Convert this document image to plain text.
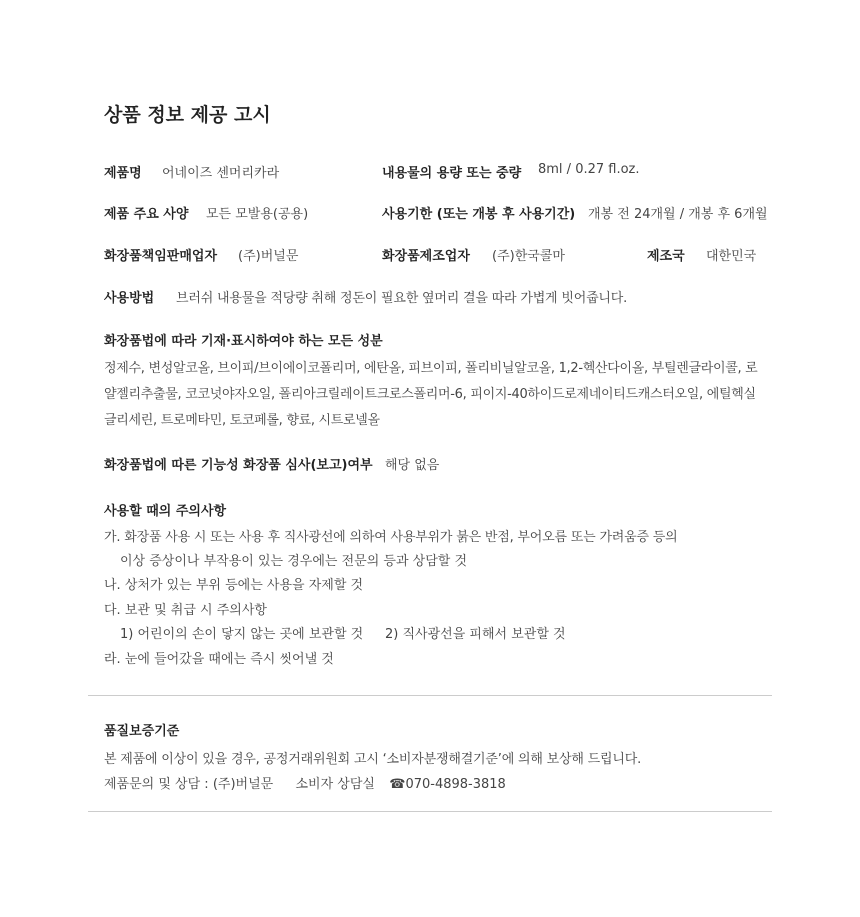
상품 정보 제공 고시
제품명 어네이즈 센머리카라	내용물의 용량 또는 중량 8ml / 0.27 fl.oz.
제품 주요 사양 모든 모발용(공용)	사용기한 (또는 개봉 후 사용기간) 개봉 전 24개월 / 개봉 후 6개월
화장품책임판매업자 (주)버널문	화장품제조업자 (주)한국콜마	제조국 대한민국
사용방법 브러쉬 내용물을 적당량 취해 정돈이 필요한 옆머리 결을 따라 가볍게 빗어줍니다.
화장품법에 따라 기재·표시하여야 하는 모든 성분
정제수, 변성알코올, 브이피/브이에이코폴리머, 에탄올, 피브이피, 폴리비닐알코올, 1,2-헥산다이올, 부틸렌글라이콜, 로얄젤리추출물, 코코넛야자오일, 폴리아크릴레이트크로스폴리머-6, 피이지-40하이드로제네이티드캐스터오일, 에틸헥실글리세린, 트로메타민, 토코페롤, 향료, 시트로넬올
화장품법에 따른 기능성 화장품 심사(보고)여부 해당 없음
사용할 때의 주의사항
가. 화장품 사용 시 또는 사용 후 직사광선에 의하여 사용부위가 붉은 반점, 부어오름 또는 가려움증 등의
이상 증상이나 부작용이 있는 경우에는 전문의 등과 상담할 것
나. 상처가 있는 부위 등에는 사용을 자제할 것
다. 보관 및 취급 시 주의사항
1) 어린이의 손이 닿지 않는 곳에 보관할 것 2) 직사광선을 피해서 보관할 것
라. 눈에 들어갔을 때에는 즉시 씻어낼 것
품질보증기준
본 제품에 이상이 있을 경우, 공정거래위원회 고시 ‘소비자분쟁해결기준’에 의해 보상해 드립니다.
제품문의 및 상담 : (주)버널문 소비자 상담실 ☎070-4898-3818
